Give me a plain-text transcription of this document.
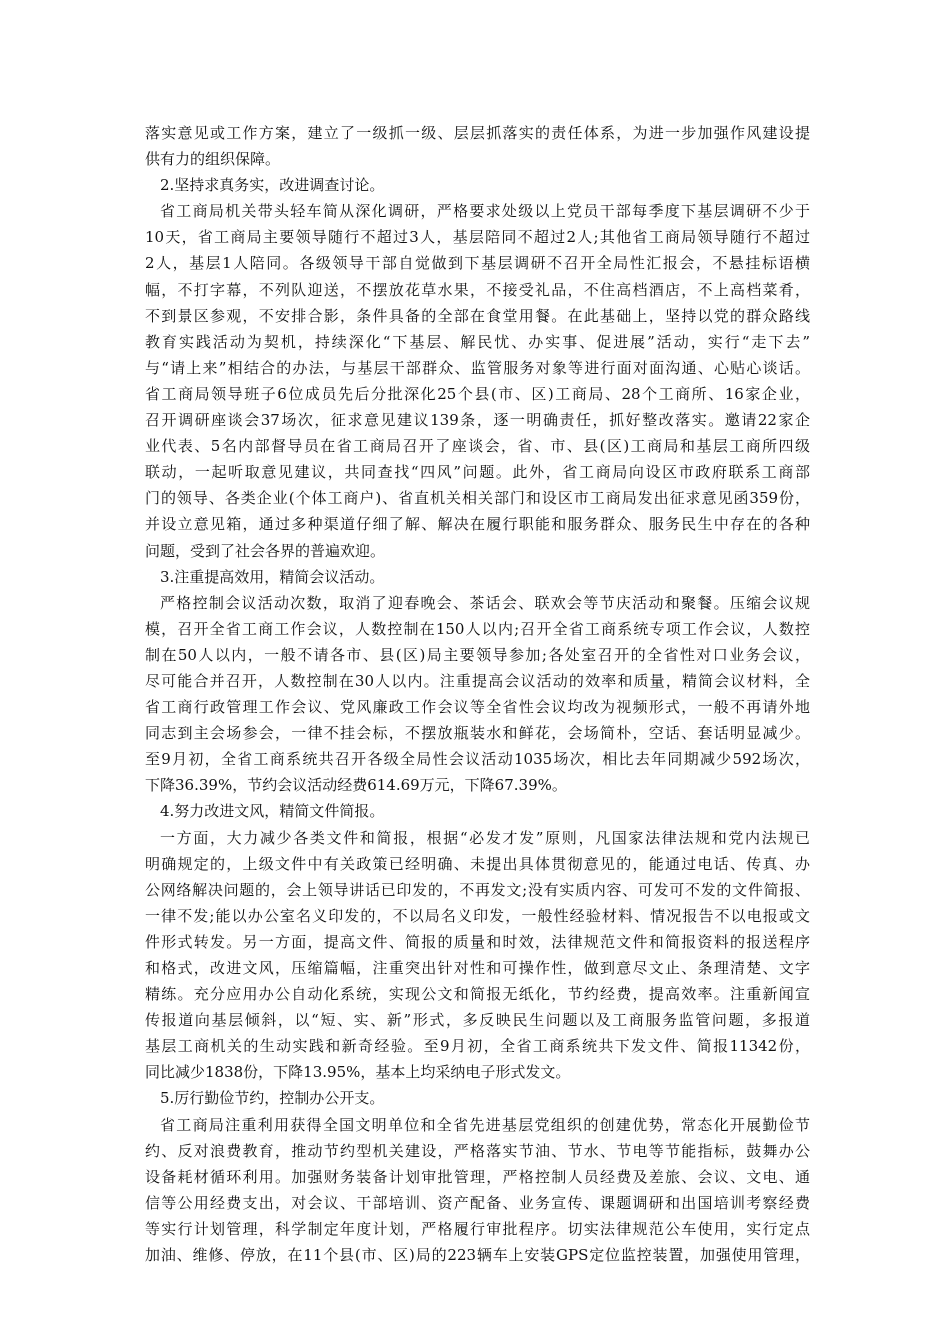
落实意见或工作方案，建立了一级抓一级、层层抓落实的责任体系，为进一步加强作风建设提
供有力的组织保障。
2.坚持求真务实，改进调查讨论。
省工商局机关带头轻车简从深化调研，严格要求处级以上党员干部每季度下基层调研不少于
10天，省工商局主要领导随行不超过3人，基层陪同不超过2人;其他省工商局领导随行不超过
2人，基层1人陪同。各级领导干部自觉做到下基层调研不召开全局性汇报会，不悬挂标语横
幅，不打字幕，不列队迎送，不摆放花草水果，不接受礼品，不住高档酒店，不上高档菜肴，
不到景区参观，不安排合影，条件具备的全部在食堂用餐。在此基础上，坚持以党的群众路线
教育实践活动为契机，持续深化“下基层、解民忧、办实事、促进展”活动，实行“走下去”
与“请上来”相结合的办法，与基层干部群众、监管服务对象等进行面对面沟通、心贴心谈话。
省工商局领导班子6位成员先后分批深化25个县(市、区)工商局、28个工商所、16家企业，
召开调研座谈会37场次，征求意见建议139条，逐一明确责任，抓好整改落实。邀请22家企
业代表、5名内部督导员在省工商局召开了座谈会，省、市、县(区)工商局和基层工商所四级
联动，一起听取意见建议，共同查找“四风”问题。此外，省工商局向设区市政府联系工商部
门的领导、各类企业(个体工商户)、省直机关相关部门和设区市工商局发出征求意见函359份，
并设立意见箱，通过多种渠道仔细了解、解决在履行职能和服务群众、服务民生中存在的各种
问题，受到了社会各界的普遍欢迎。
3.注重提高效用，精简会议活动。
严格控制会议活动次数，取消了迎春晚会、茶话会、联欢会等节庆活动和聚餐。压缩会议规
模，召开全省工商工作会议，人数控制在150人以内;召开全省工商系统专项工作会议，人数控
制在50人以内，一般不请各市、县(区)局主要领导参加;各处室召开的全省性对口业务会议，
尽可能合并召开，人数控制在30人以内。注重提高会议活动的效率和质量，精简会议材料，全
省工商行政管理工作会议、党风廉政工作会议等全省性会议均改为视频形式，一般不再请外地
同志到主会场参会，一律不挂会标，不摆放瓶装水和鲜花，会场简朴，空话、套话明显减少。
至9月初，全省工商系统共召开各级全局性会议活动1035场次，相比去年同期减少592场次，
下降36.39%，节约会议活动经费614.69万元，下降67.39%。
4.努力改进文风，精简文件简报。
一方面，大力减少各类文件和简报，根据“必发才发”原则，凡国家法律法规和党内法规已
明确规定的，上级文件中有关政策已经明确、未提出具体贯彻意见的，能通过电话、传真、办
公网络解决问题的，会上领导讲话已印发的，不再发文;没有实质内容、可发可不发的文件简报、
一律不发;能以办公室名义印发的，不以局名义印发，一般性经验材料、情况报告不以电报或文
件形式转发。另一方面，提高文件、简报的质量和时效，法律规范文件和简报资料的报送程序
和格式，改进文风，压缩篇幅，注重突出针对性和可操作性，做到意尽文止、条理清楚、文字
精练。充分应用办公自动化系统，实现公文和简报无纸化，节约经费，提高效率。注重新闻宣
传报道向基层倾斜，以“短、实、新”形式，多反映民生问题以及工商服务监管问题，多报道
基层工商机关的生动实践和新奇经验。至9月初，全省工商系统共下发文件、简报11342份，
同比减少1838份，下降13.95%，基本上均采纳电子形式发文。
5.厉行勤俭节约，控制办公开支。
省工商局注重利用获得全国文明单位和全省先进基层党组织的创建优势，常态化开展勤俭节
约、反对浪费教育，推动节约型机关建设，严格落实节油、节水、节电等节能指标，鼓舞办公
设备耗材循环利用。加强财务装备计划审批管理，严格控制人员经费及差旅、会议、文电、通
信等公用经费支出，对会议、干部培训、资产配备、业务宣传、课题调研和出国培训考察经费
等实行计划管理，科学制定年度计划，严格履行审批程序。切实法律规范公车使用，实行定点
加油、维修、停放，在11个县(市、区)局的223辆车上安装GPS定位监控装置，加强使用管理，
